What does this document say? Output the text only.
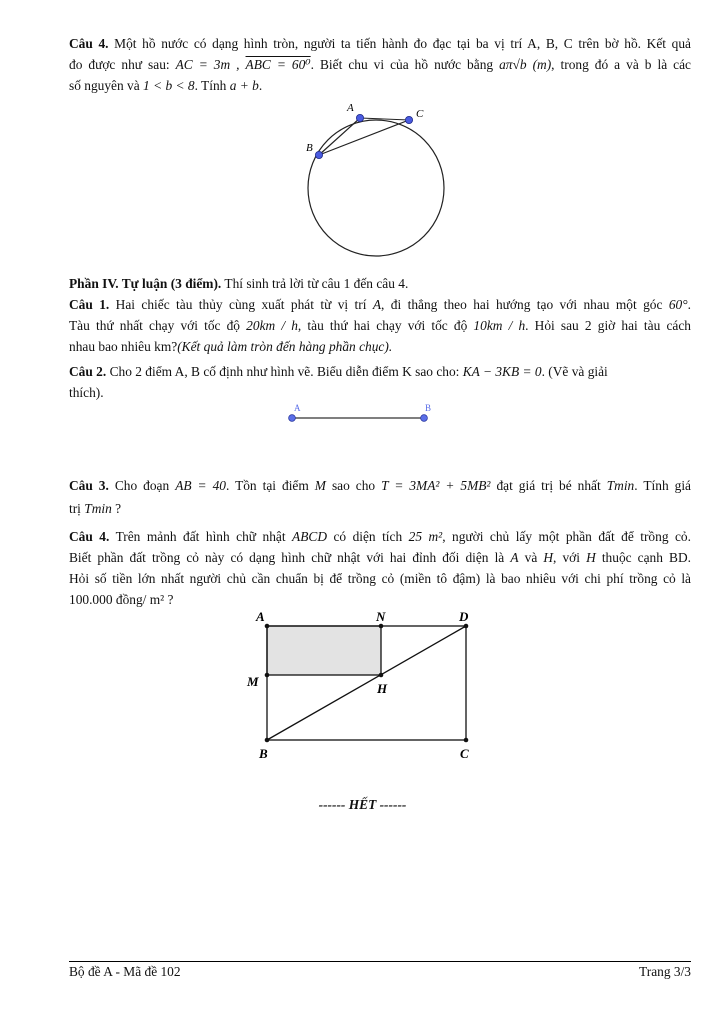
Câu 4. Một hồ nước có dạng hình tròn, người ta tiến hành đo đạc tại ba vị trí A, B, C trên bờ hồ. Kết quả
đo được như sau: AC = 3m , ABC = 60⁰. Biết chu vi của hồ nước bằng aπ√b (m), trong đó a và b là các
số nguyên và 1 < b < 8. Tính a + b.
A	C
B
Phần IV. Tự luận (3 điểm). Thí sinh trả lời từ câu 1 đến câu 4.
Câu 1. Hai chiếc tàu thủy cùng xuất phát từ vị trí A, đi thẳng theo hai hướng tạo với nhau một góc 60°.
Tàu thứ nhất chạy với tốc độ 20km / h, tàu thứ hai chạy với tốc độ 10km / h. Hỏi sau 2 giờ hai tàu cách
nhau bao nhiêu km?(Kết quả làm tròn đến hàng phần chục).
Câu 2. Cho 2 điểm A, B cố định như hình vẽ. Biểu diễn điểm K sao cho: KA − 3KB = 0. (Vẽ và giải
thích).
A	B
Câu 3. Cho đoạn AB = 40. Tồn tại điểm M sao cho T = 3MA² + 5MB² đạt giá trị bé nhất Tmin. Tính giá
trị Tmin ?
Câu 4. Trên mảnh đất hình chữ nhật ABCD có diện tích 25 m², người chủ lấy một phần đất để trồng cỏ.
Biết phần đất trồng cỏ này có dạng hình chữ nhật với hai đỉnh đối diện là A và H, với H thuộc cạnh BD.
Hỏi số tiền lớn nhất người chủ cần chuẩn bị để trồng cỏ (miền tô đậm) là bao nhiêu với chi phí trồng cỏ là
100.000 đồng/ m² ?
A	N	D
M	H
B	C
------ HẾT ------
Bộ đề A - Mã đề 102	Trang 3/3
